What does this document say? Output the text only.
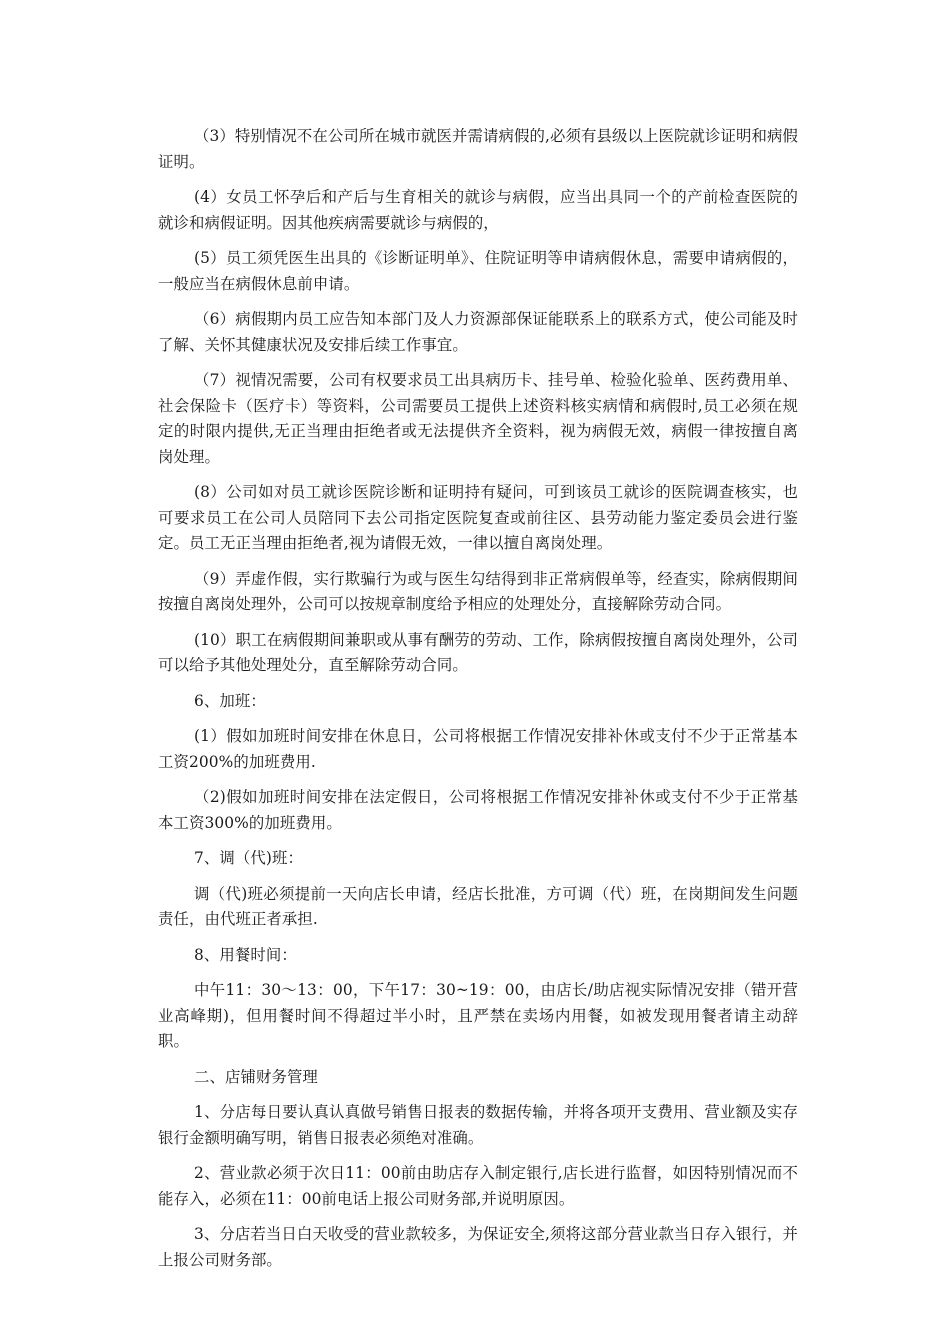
（3）特别情况不在公司所在城市就医并需请病假的,必须有县级以上医院就诊证明和病假证明。

(4）女员工怀孕后和产后与生育相关的就诊与病假，应当出具同一个的产前检查医院的就诊和病假证明。因其他疾病需要就诊与病假的，

(5）员工须凭医生出具的《诊断证明单》、住院证明等申请病假休息，需要申请病假的，一般应当在病假休息前申请。

（6）病假期内员工应告知本部门及人力资源部保证能联系上的联系方式，使公司能及时了解、关怀其健康状况及安排后续工作事宜。

（7）视情况需要，公司有权要求员工出具病历卡、挂号单、检验化验单、医药费用单、社会保险卡（医疗卡）等资料，公司需要员工提供上述资料核实病情和病假时,员工必须在规定的时限内提供,无正当理由拒绝者或无法提供齐全资料，视为病假无效，病假一律按擅自离岗处理。

(8）公司如对员工就诊医院诊断和证明持有疑问，可到该员工就诊的医院调查核实，也可要求员工在公司人员陪同下去公司指定医院复查或前往区、县劳动能力鉴定委员会进行鉴定。员工无正当理由拒绝者,视为请假无效，一律以擅自离岗处理。

（9）弄虚作假，实行欺骗行为或与医生勾结得到非正常病假单等，经查实，除病假期间按擅自离岗处理外，公司可以按规章制度给予相应的处理处分，直接解除劳动合同。

(10）职工在病假期间兼职或从事有酬劳的劳动、工作，除病假按擅自离岗处理外，公司可以给予其他处理处分，直至解除劳动合同。

6、加班：

(1）假如加班时间安排在休息日，公司将根据工作情况安排补休或支付不少于正常基本工资200%的加班费用.

（2)假如加班时间安排在法定假日，公司将根据工作情况安排补休或支付不少于正常基本工资300%的加班费用。

7、调（代)班：

调（代)班必须提前一天向店长申请，经店长批准，方可调（代）班，在岗期间发生问题责任，由代班正者承担.

8、用餐时间：

中午11：30～13：00，下午17：30~19：00，由店长/助店视实际情况安排（错开营业高峰期)，但用餐时间不得超过半小时，且严禁在卖场内用餐，如被发现用餐者请主动辞职。

二、店铺财务管理

1、分店每日要认真认真做号销售日报表的数据传输，并将各项开支费用、营业额及实存银行金额明确写明，销售日报表必须绝对准确。

2、营业款必须于次日11：00前由助店存入制定银行,店长进行监督，如因特别情况而不能存入，必须在11：00前电话上报公司财务部,并说明原因。

3、分店若当日白天收受的营业款较多，为保证安全,须将这部分营业款当日存入银行，并上报公司财务部。
